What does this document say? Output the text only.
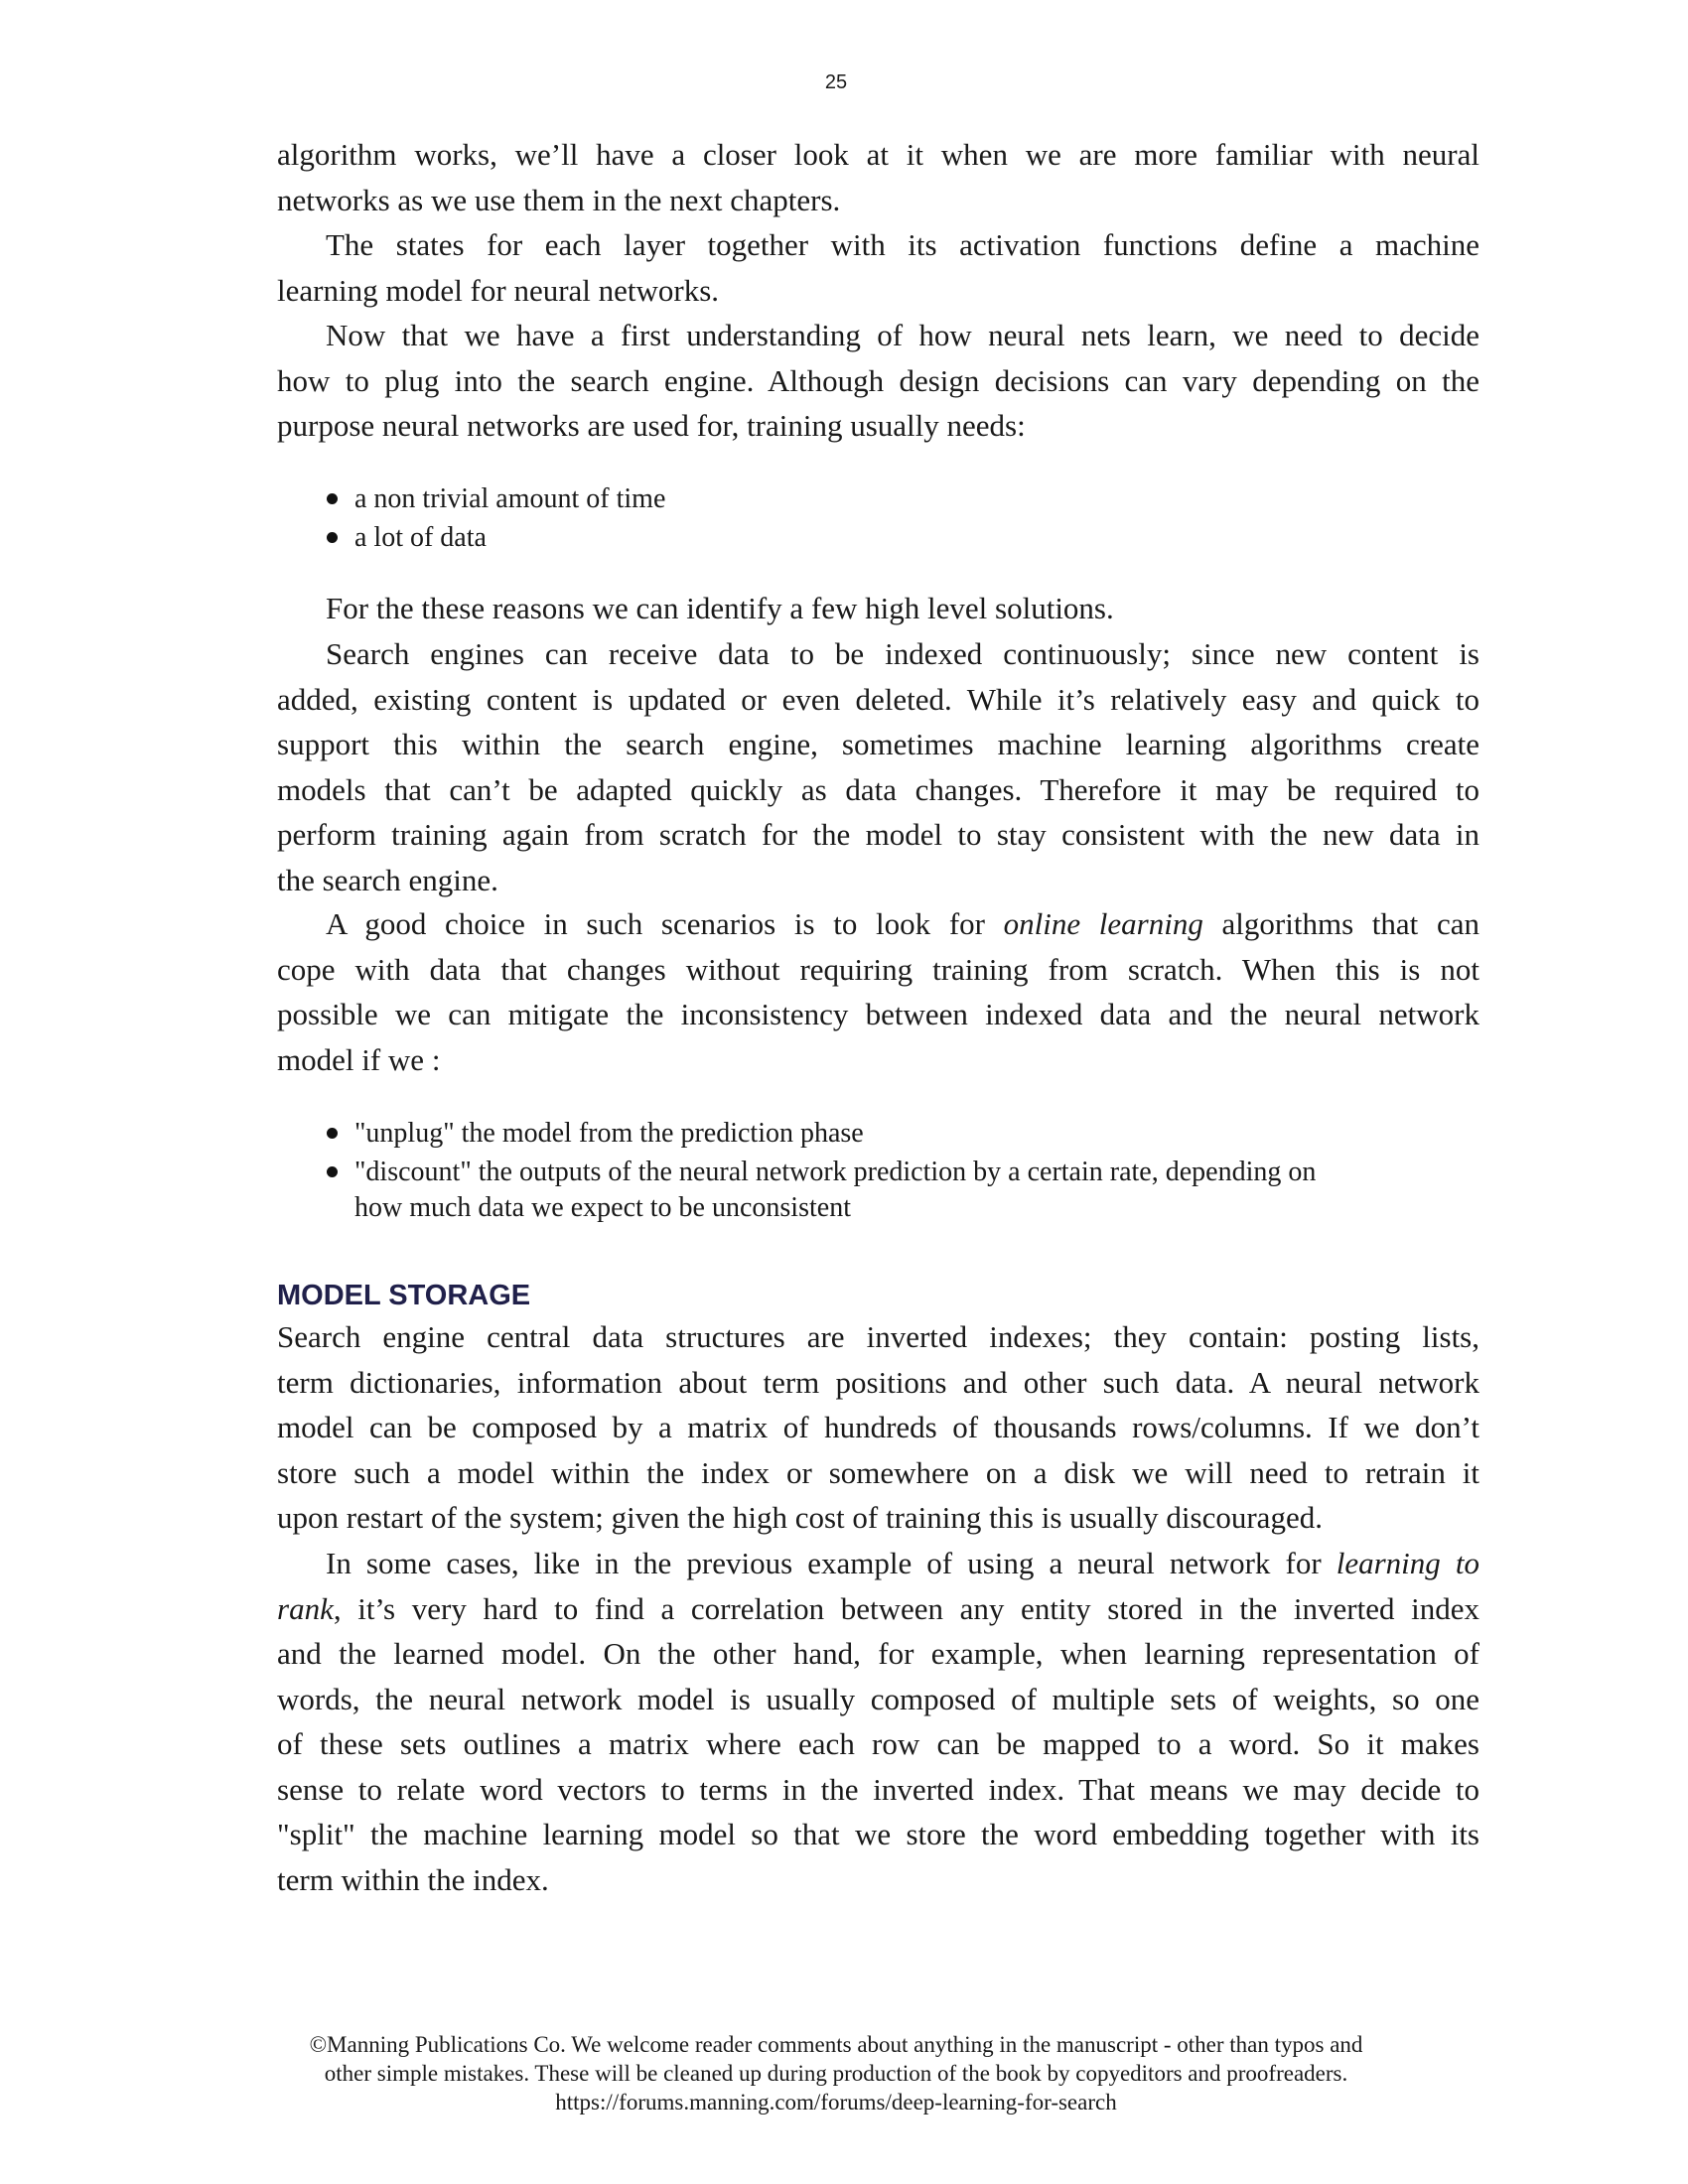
25
algorithm works, we’ll have a closer look at it when we are more familiar with neural
networks as we use them in the next chapters.
The states for each layer together with its activation functions define a machine
learning model for neural networks.
Now that we have a first understanding of how neural nets learn, we need to decide
how to plug into the search engine. Although design decisions can vary depending on the
purpose neural networks are used for, training usually needs:
a non trivial amount of time
a lot of data
For the these reasons we can identify a few high level solutions.
Search engines can receive data to be indexed continuously; since new content is
added, existing content is updated or even deleted. While it’s relatively easy and quick to
support this within the search engine, sometimes machine learning algorithms create
models that can’t be adapted quickly as data changes. Therefore it may be required to
perform training again from scratch for the model to stay consistent with the new data in
the search engine.
A good choice in such scenarios is to look for online learning algorithms that can
cope with data that changes without requiring training from scratch. When this is not
possible we can mitigate the inconsistency between indexed data and the neural network
model if we :
"unplug" the model from the prediction phase
"discount" the outputs of the neural network prediction by a certain rate, depending on
how much data we expect to be unconsistent
MODEL STORAGE
Search engine central data structures are inverted indexes; they contain: posting lists,
term dictionaries, information about term positions and other such data. A neural network
model can be composed by a matrix of hundreds of thousands rows/columns. If we don’t
store such a model within the index or somewhere on a disk we will need to retrain it
upon restart of the system; given the high cost of training this is usually discouraged.
In some cases, like in the previous example of using a neural network for learning to
rank, it’s very hard to find a correlation between any entity stored in the inverted index
and the learned model. On the other hand, for example, when learning representation of
words, the neural network model is usually composed of multiple sets of weights, so one
of these sets outlines a matrix where each row can be mapped to a word. So it makes
sense to relate word vectors to terms in the inverted index. That means we may decide to
"split" the machine learning model so that we store the word embedding together with its
term within the index.
©Manning Publications Co. We welcome reader comments about anything in the manuscript - other than typos and
other simple mistakes. These will be cleaned up during production of the book by copyeditors and proofreaders.
https://forums.manning.com/forums/deep-learning-for-search
